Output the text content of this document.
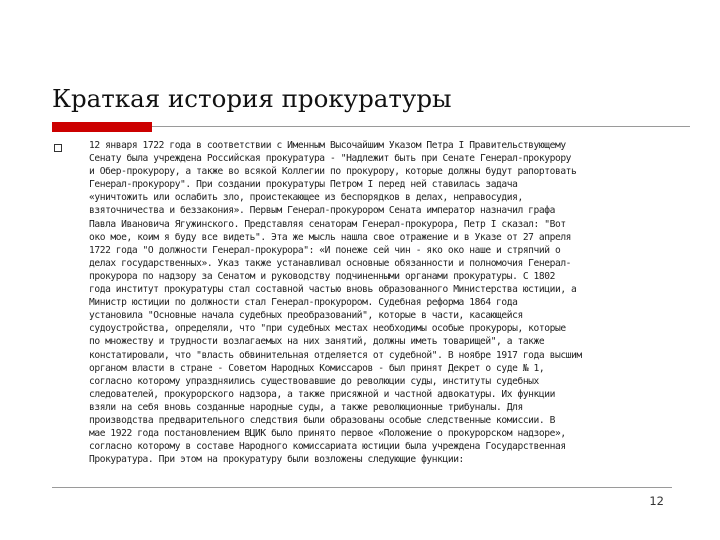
Краткая история прокуратуры
12 января 1722 года в соответствии с Именным Высочайшим Указом Петра I Правительствующему
Сенату была учреждена Российская прокуратура - "Надлежит быть при Сенате Генерал-прокурору
и Обер-прокурору, а также во всякой Коллегии по прокурору, которые должны будут рапортовать
Генерал-прокурору". При создании прокуратуры Петром I перед ней ставилась задача
«уничтожить или ослабить зло, проистекающее из беспорядков в делах, неправосудия,
взяточничества и беззакония». Первым Генерал-прокурором Сената император назначил графа
Павла Ивановича Ягужинского. Представляя сенаторам Генерал-прокурора, Петр I сказал: "Вот
око мое, коим я буду все видеть". Эта же мысль нашла свое отражение и в Указе от 27 апреля
1722 года "О должности Генерал-прокурора": «И понеже сей чин - яко око наше и стряпчий о
делах государственных». Указ также устанавливал основные обязанности и полномочия Генерал-
прокурора по надзору за Сенатом и руководству подчиненными органами прокуратуры. С 1802
года институт прокуратуры стал составной частью вновь образованного Министерства юстиции, а
Министр юстиции по должности стал Генерал-прокурором. Судебная реформа 1864 года
установила "Основные начала судебных преобразований", которые в части, касающейся
судоустройства, определяли, что "при судебных местах необходимы особые прокуроры, которые
по множеству и трудности возлагаемых на них занятий, должны иметь товарищей", а также
констатировали, что "власть обвинительная отделяется от судебной". В ноябре 1917 года высшим
органом власти в стране - Советом Народных Комиссаров - был принят Декрет о суде № 1,
согласно которому упраздняились существовавшие до революции суды, институты судебных
следователей, прокурорского надзора, а также присяжной и частной адвокатуры. Их функции
взяли на себя вновь созданные народные суды, а также революционные трибуналы. Для
производства предварительного следствия были образованы особые следственные комиссии. В
мае 1922 года постановлением ВЦИК было принято первое «Положение о прокурорском надзоре»,
согласно которому в составе Народного комиссариата юстиции была учреждена Государственная
Прокуратура. При этом на прокуратуру были возложены следующие функции:
12
